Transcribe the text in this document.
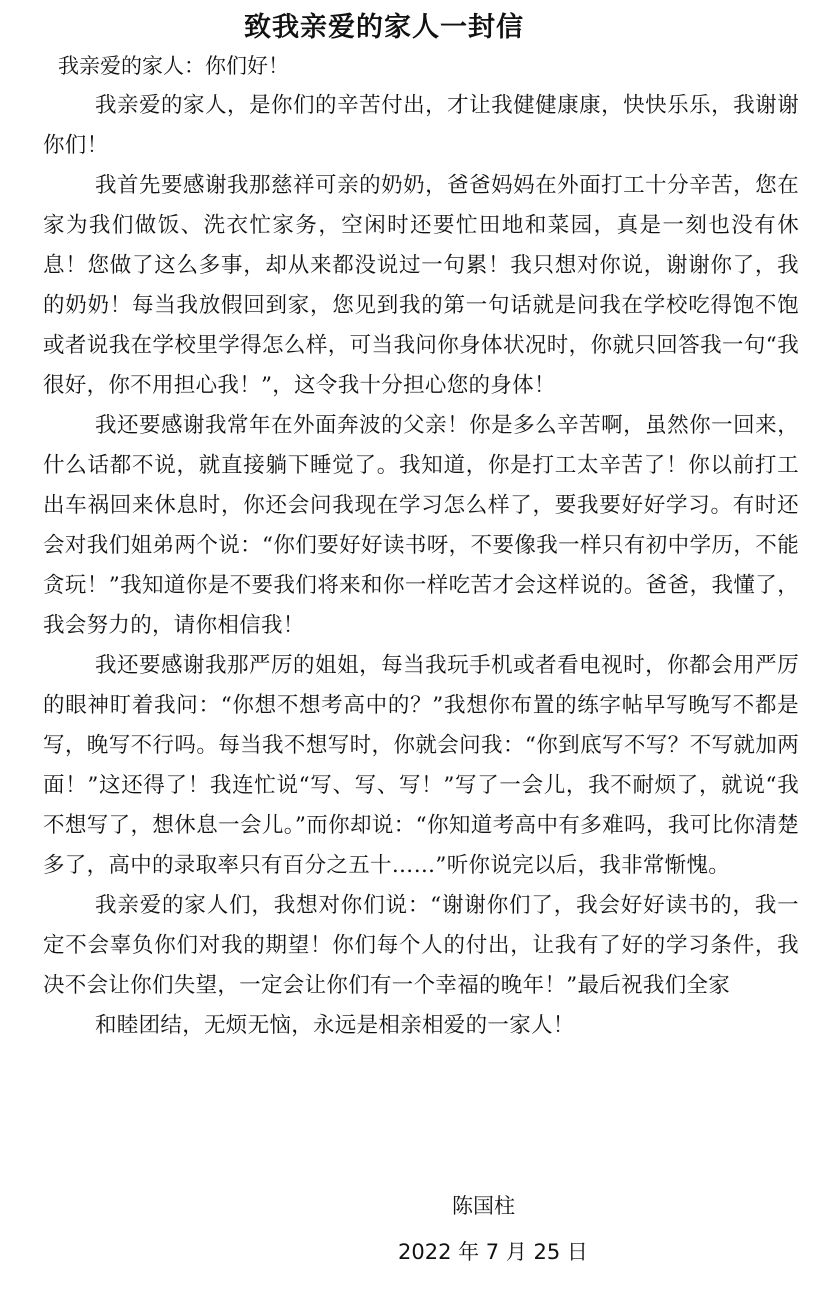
致我亲爱的家人一封信

我亲爱的家人：你们好！

我亲爱的家人，是你们的辛苦付出，才让我健健康康，快快乐乐，我谢谢你们！

我首先要感谢我那慈祥可亲的奶奶，爸爸妈妈在外面打工十分辛苦，您在家为我们做饭、洗衣忙家务，空闲时还要忙田地和菜园，真是一刻也没有休息！您做了这么多事，却从来都没说过一句累！我只想对你说，谢谢你了，我的奶奶！每当我放假回到家，您见到我的第一句话就是问我在学校吃得饱不饱或者说我在学校里学得怎么样，可当我问你身体状况时，你就只回答我一句“我很好，你不用担心我！”，这令我十分担心您的身体！

我还要感谢我常年在外面奔波的父亲！你是多么辛苦啊，虽然你一回来，什么话都不说，就直接躺下睡觉了。我知道，你是打工太辛苦了！你以前打工出车祸回来休息时，你还会问我现在学习怎么样了，要我要好好学习。有时还会对我们姐弟两个说：“你们要好好读书呀，不要像我一样只有初中学历，不能贪玩！”我知道你是不要我们将来和你一样吃苦才会这样说的。爸爸，我懂了，我会努力的，请你相信我！

我还要感谢我那严厉的姐姐，每当我玩手机或者看电视时，你都会用严厉的眼神盯着我问：“你想不想考高中的？”我想你布置的练字帖早写晚写不都是写，晚写不行吗。每当我不想写时，你就会问我：“你到底写不写？不写就加两面！”这还得了！我连忙说“写、写、写！”写了一会儿，我不耐烦了，就说“我不想写了，想休息一会儿。”而你却说：“你知道考高中有多难吗，我可比你清楚多了，高中的录取率只有百分之五十……”听你说完以后，我非常惭愧。

我亲爱的家人们，我想对你们说：“谢谢你们了，我会好好读书的，我一定不会辜负你们对我的期望！你们每个人的付出，让我有了好的学习条件，我决不会让你们失望，一定会让你们有一个幸福的晚年！”最后祝我们全家

和睦团结，无烦无恼，永远是相亲相爱的一家人！

陈国柱

2022 年 7 月 25 日
